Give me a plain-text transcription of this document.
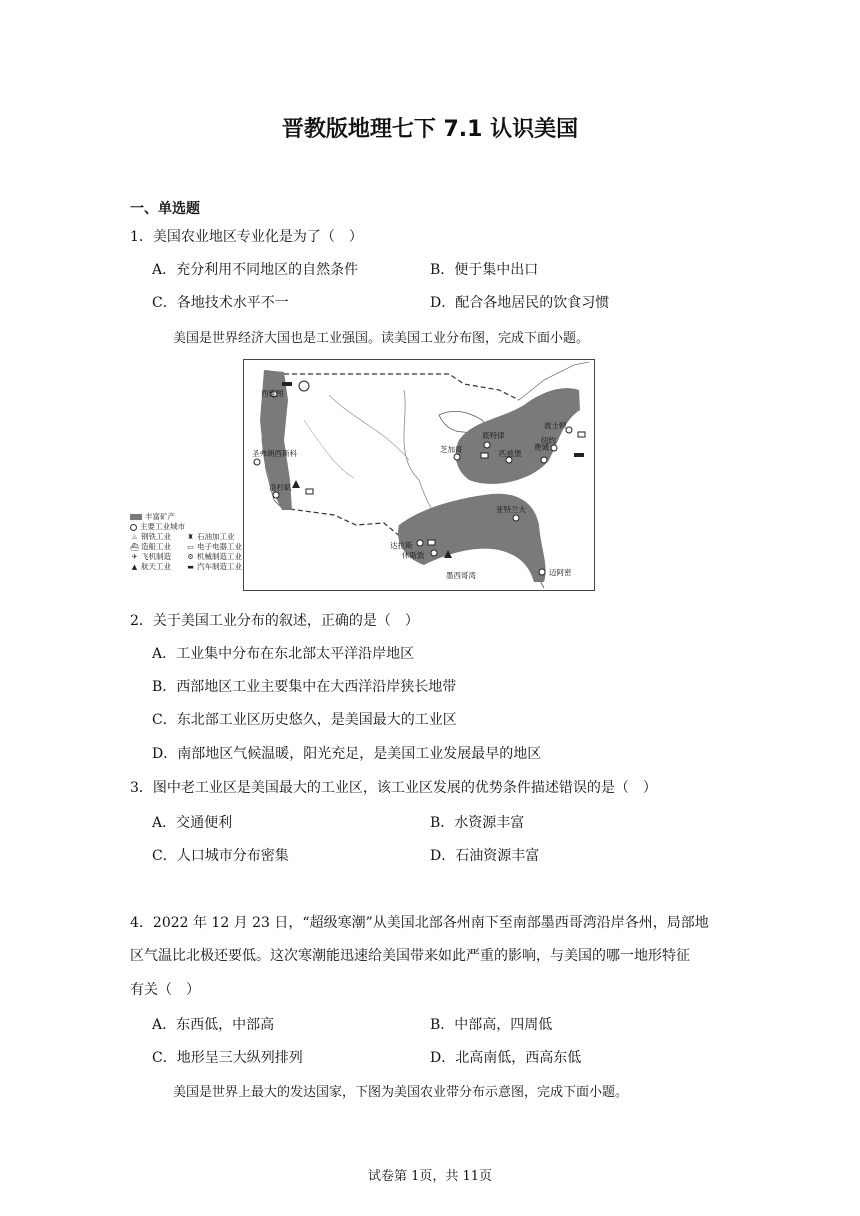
晋教版地理七下 7.1 认识美国
一、单选题
1．美国农业地区专业化是为了（　）
A．充分利用不同地区的自然条件	B．便于集中出口
C．各地技术水平不一	D．配合各地居民的饮食习惯
美国是世界经济大国也是工业强国。读美国工业分布图，完成下面小题。
丰富矿产
主要工业城市
♨ 钢铁工业 ♜ 石油加工业
⛴ 造船工业 ▭ 电子电器工业
✈ 飞机制造 ⚙ 机械制造工业
▲ 航天工业 ▬ 汽车制造工业
西雅图
圣弗朗西斯科
洛杉矶
芝加哥
底特律
匹兹堡
波士顿
纽约
费城
达拉斯
休斯敦
亚特兰大
墨西哥湾	迈阿密
2．关于美国工业分布的叙述，正确的是（　）
A．工业集中分布在东北部太平洋沿岸地区
B．西部地区工业主要集中在大西洋沿岸狭长地带
C．东北部工业区历史悠久，是美国最大的工业区
D．南部地区气候温暖，阳光充足，是美国工业发展最早的地区
3．图中老工业区是美国最大的工业区，该工业区发展的优势条件描述错误的是（　）
A．交通便利	B．水资源丰富
C．人口城市分布密集	D．石油资源丰富
4．2022 年 12 月 23 日，“超级寒潮”从美国北部各州南下至南部墨西哥湾沿岸各州，局部地
区气温比北极还要低。这次寒潮能迅速给美国带来如此严重的影响，与美国的哪一地形特征
有关（　）
A．东西低，中部高	B．中部高，四周低
C．地形呈三大纵列排列	D．北高南低，西高东低
美国是世界上最大的发达国家，下图为美国农业带分布示意图，完成下面小题。
试卷第 1页，共 11页
